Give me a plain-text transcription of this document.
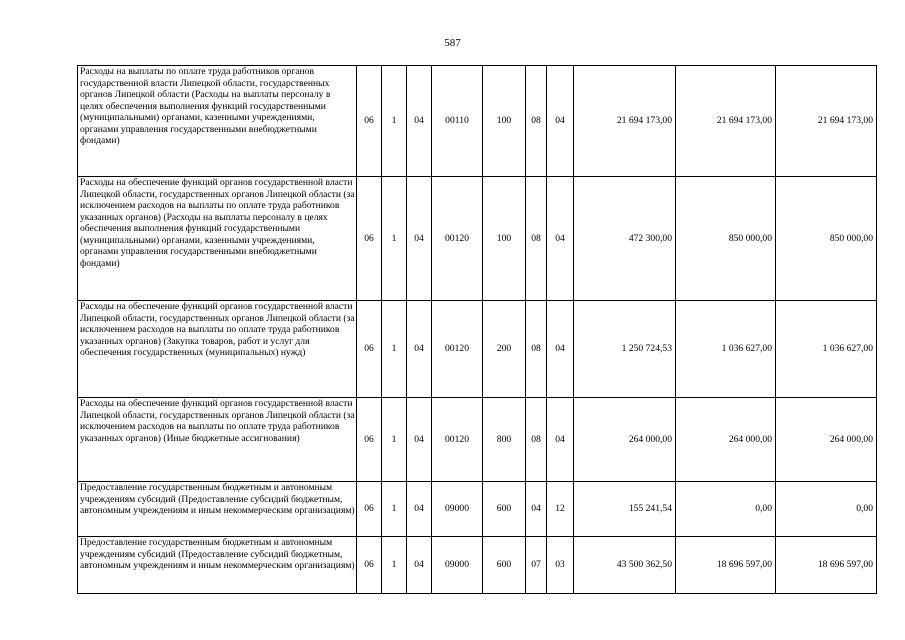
587
Расходы на выплаты по оплате труда работников органов государственной власти Липецкой области, государственных органов Липецкой области (Расходы на выплаты персоналу в целях обеспечения выполнения функций государственными (муниципальными) органами, казенными учреждениями, органами управления государственными внебюджетными фондами)	06	1	04	00110	100	08	04	21 694 173,00	21 694 173,00	21 694 173,00
Расходы на обеспечение функций органов государственной власти Липецкой области, государственных органов Липецкой области (за исключением расходов на выплаты по оплате труда работников указанных органов) (Расходы на выплаты персоналу в целях обеспечения выполнения функций государственными (муниципальными) органами, казенными учреждениями, органами управления государственными внебюджетными фондами)	06	1	04	00120	100	08	04	472 300,00	850 000,00	850 000,00
Расходы на обеспечение функций органов государственной власти Липецкой области, государственных органов Липецкой области (за исключением расходов на выплаты по оплате труда работников указанных органов) (Закупка товаров, работ и услуг для обеспечения государственных (муниципальных) нужд)	06	1	04	00120	200	08	04	1 250 724,53	1 036 627,00	1 036 627,00
Расходы на обеспечение функций органов государственной власти Липецкой области, государственных органов Липецкой области (за исключением расходов на выплаты по оплате труда работников указанных органов) (Иные бюджетные ассигнования)	06	1	04	00120	800	08	04	264 000,00	264 000,00	264 000,00
Предоставление государственным бюджетным и автономным учреждениям субсидий (Предоставление субсидий бюджетным, автономным учреждениям и иным некоммерческим организациям)	06	1	04	09000	600	04	12	155 241,54	0,00	0,00
Предоставление государственным бюджетным и автономным учреждениям субсидий (Предоставление субсидий бюджетным, автономным учреждениям и иным некоммерческим организациям)	06	1	04	09000	600	07	03	43 500 362,50	18 696 597,00	18 696 597,00
